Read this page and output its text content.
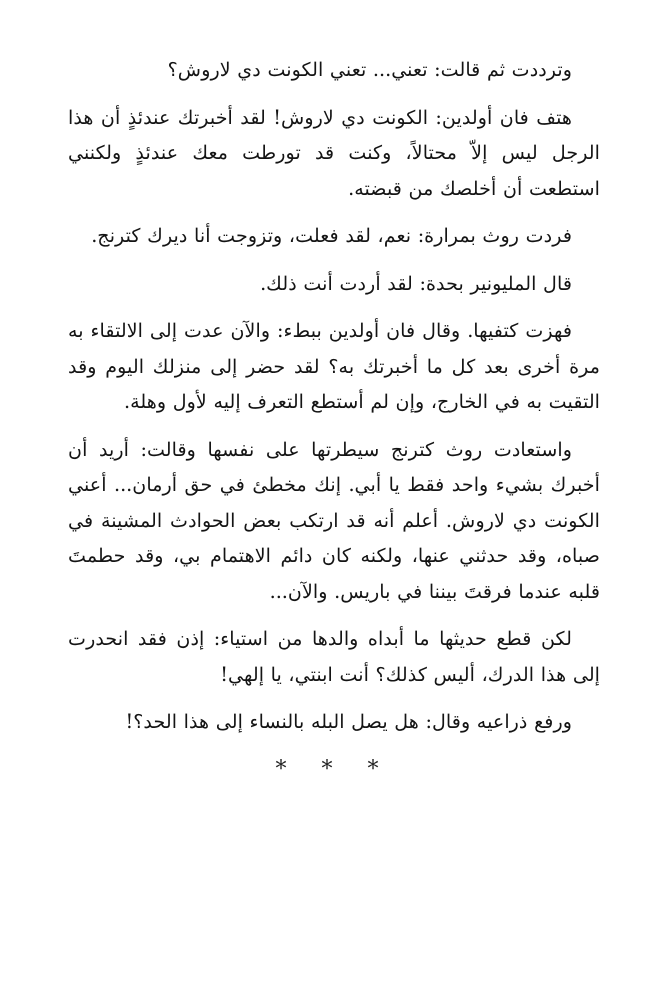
وترددت ثم قالت: تعني... تعني الكونت دي لاروش؟

هتف فان أولدين: الكونت دي لاروش! لقد أخبرتك عندئذٍ أن هذا الرجل ليس إلاّ محتالاً، وكنت قد تورطت معك عندئذٍ ولكنني استطعت أن أخلصك من قبضته.

فردت روث بمرارة: نعم، لقد فعلت، وتزوجت أنا ديرك كترنج.

قال المليونير بحدة: لقد أردت أنت ذلك.

فهزت كتفيها. وقال فان أولدين ببطء: والآن عدت إلى الالتقاء به مرة أخرى بعد كل ما أخبرتك به؟ لقد حضر إلى منزلك اليوم وقد التقيت به في الخارج، وإن لم أستطع التعرف إليه لأول وهلة.

واستعادت روث كترنج سيطرتها على نفسها وقالت: أريد أن أخبرك بشيء واحد فقط يا أبي. إنك مخطئ في حق أرمان... أعني الكونت دي لاروش. أعلم أنه قد ارتكب بعض الحوادث المشينة في صباه، وقد حدثني عنها، ولكنه كان دائم الاهتمام بي، وقد حطمتَ قلبه عندما فرقتَ بيننا في باريس. والآن...

لكن قطع حديثها ما أبداه والدها من استياء: إذن فقد انحدرت إلى هذا الدرك، أليس كذلك؟ أنت ابنتي، يا إلهي!

ورفع ذراعيه وقال: هل يصل البله بالنساء إلى هذا الحد؟!

* * *
